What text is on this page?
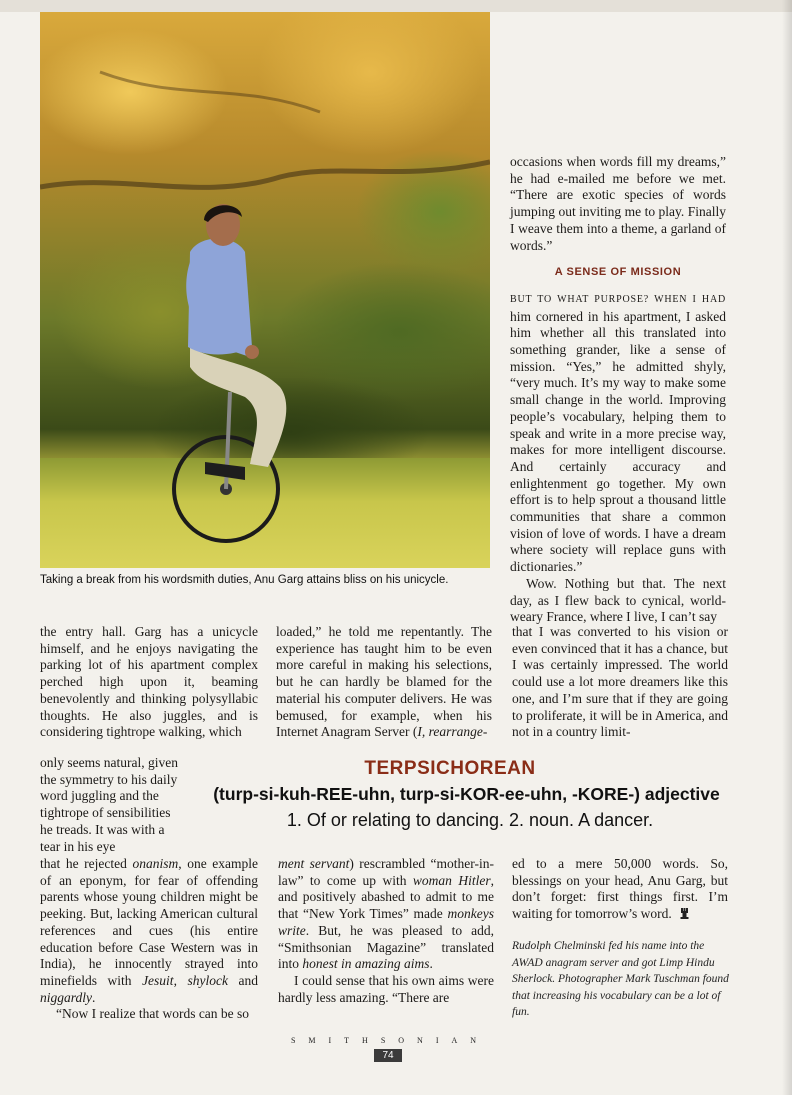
Taking a break from his wordsmith duties, Anu Garg attains bliss on his unicycle.

occasions when words fill my dreams,” he had e-mailed me before we met. “There are exotic species of words jumping out inviting me to play. Finally I weave them into a theme, a garland of words.”

A SENSE OF MISSION

BUT TO WHAT PURPOSE? WHEN I HAD him cornered in his apartment, I asked him whether all this translated into something grander, like a sense of mission. “Yes,” he admitted shyly, “very much. It’s my way to make some small change in the world. Improving people’s vocabulary, helping them to speak and write in a more precise way, makes for more intelligent discourse. And certainly accuracy and enlightenment go together. My own effort is to help sprout a thousand little communities that share a common vision of love of words. I have a dream where society will replace guns with dictionaries.”

Wow. Nothing but that. The next day, as I flew back to cynical, world-weary France, where I live, I can’t say

the entry hall. Garg has a unicycle himself, and he enjoys navigating the parking lot of his apartment complex perched high upon it, beaming benevolently and thinking polysyllabic thoughts. He also juggles, and is considering tightrope walking, which

loaded,” he told me repentantly. The experience has taught him to be even more careful in making his selections, but he can hardly be blamed for the material his computer delivers. He was bemused, for example, when his Internet Anagram Server (I, rearrange-

that I was converted to his vision or even convinced that it has a chance, but I was certainly impressed. The world could use a lot more dreamers like this one, and I’m sure that if they are going to proliferate, it will be in America, and not in a country limit-

only seems natural, given the symmetry to his daily word juggling and the tightrope of sensibilities he treads. It was with a tear in his eye

TERPSICHOREAN
(turp-si-kuh-REE-uhn, turp-si-KOR-ee-uhn, -KORE-) adjective
1. Of or relating to dancing. 2. noun. A dancer.

that he rejected onanism, one example of an eponym, for fear of offending parents whose young children might be peeking. But, lacking American cultural references and cues (his entire education before Case Western was in India), he innocently strayed into minefields with Jesuit, shylock and niggardly.

“Now I realize that words can be so

ment servant) rescrambled “mother-in-law” to come up with woman Hitler, and positively abashed to admit to me that “New York Times” made monkeys write. But, he was pleased to add, “Smithsonian Magazine” translated into honest in amazing aims.

I could sense that his own aims were hardly less amazing. “There are

ed to a mere 50,000 words. So, blessings on your head, Anu Garg, but don’t forget: first things first. I’m waiting for tomorrow’s word.

Rudolph Chelminski fed his name into the AWAD anagram server and got Limp Hindu Sherlock. Photographer Mark Tuschman found that increasing his vocabulary can be a lot of fun.
SMITHSONIAN
74
